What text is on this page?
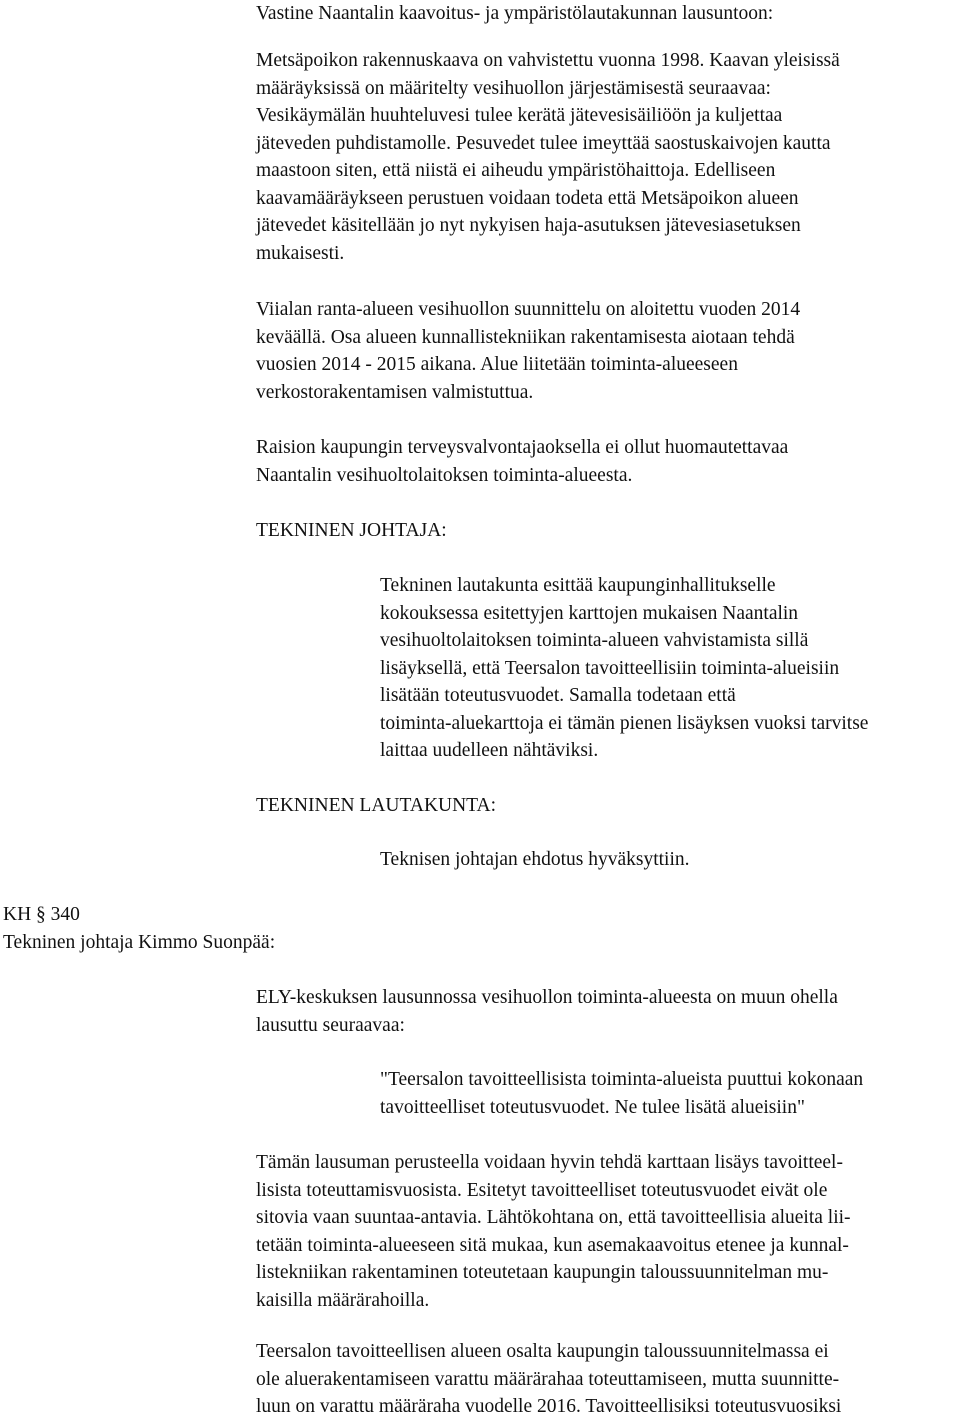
Vastine Naantalin kaavoitus- ja ympäristölautakunnan lausuntoon:

Metsäpoikon rakennuskaava on vahvistettu vuonna 1998. Kaavan yleisissä
määräyksissä on määritelty vesihuollon järjestämisestä seuraavaa:
Vesikäymälän huuhteluvesi tulee kerätä jätevesisäiliöön ja kuljettaa
jäteveden puhdistamolle. Pesuvedet tulee imeyttää saostuskaivojen kautta
maastoon siten, että niistä ei aiheudu ympäristöhaittoja. Edelliseen
kaavamääräykseen perustuen voidaan todeta että Metsäpoikon alueen
jätevedet käsitellään jo nyt nykyisen haja-asutuksen jätevesiasetuksen
mukaisesti.
Viialan ranta-alueen vesihuollon suunnittelu on aloitettu vuoden 2014
keväällä. Osa alueen kunnallistekniikan rakentamisesta aiotaan tehdä
vuosien 2014 - 2015 aikana. Alue liitetään toiminta-alueeseen
verkostorakentamisen valmistuttua.
Raision kaupungin terveysvalvontajaoksella ei ollut huomautettavaa
Naantalin vesihuoltolaitoksen toiminta-alueesta.

TEKNINEN JOHTAJA:

Tekninen lautakunta esittää kaupunginhallitukselle
kokouksessa esitettyjen karttojen mukaisen Naantalin
vesihuoltolaitoksen toiminta-alueen vahvistamista sillä
lisäyksellä, että Teersalon tavoitteellisiin toiminta-alueisiin
lisätään toteutusvuodet. Samalla todetaan että
toiminta-aluekarttoja ei tämän pienen lisäyksen vuoksi tarvitse
laittaa uudelleen nähtäviksi.

TEKNINEN LAUTAKUNTA:

Teknisen johtajan ehdotus hyväksyttiin.

KH § 340
Tekninen johtaja Kimmo Suonpää:
ELY-keskuksen lausunnossa vesihuollon toiminta-alueesta on muun ohella
lausuttu seuraavaa:
"Teersalon tavoitteellisista toiminta-alueista puuttui kokonaan
tavoitteelliset toteutusvuodet. Ne tulee lisätä alueisiin"
Tämän lausuman perusteella voidaan hyvin tehdä karttaan lisäys tavoitteel-
lisista toteuttamisvuosista. Esitetyt tavoitteelliset toteutusvuodet eivät ole
sitovia vaan suuntaa-antavia. Lähtökohtana on, että tavoitteellisia alueita lii-
tetään toiminta-alueeseen sitä mukaa, kun asemakaavoitus etenee ja kunnal-
listekniikan rakentaminen toteutetaan kaupungin taloussuunnitelman mu-
kaisilla määrärahoilla.
Teersalon tavoitteellisen alueen osalta kaupungin taloussuunnitelmassa ei
ole aluerakentamiseen varattu määrärahaa toteuttamiseen, mutta suunnitte-
luun on varattu määräraha vuodelle 2016. Tavoitteellisiksi toteutusvuosiksi
